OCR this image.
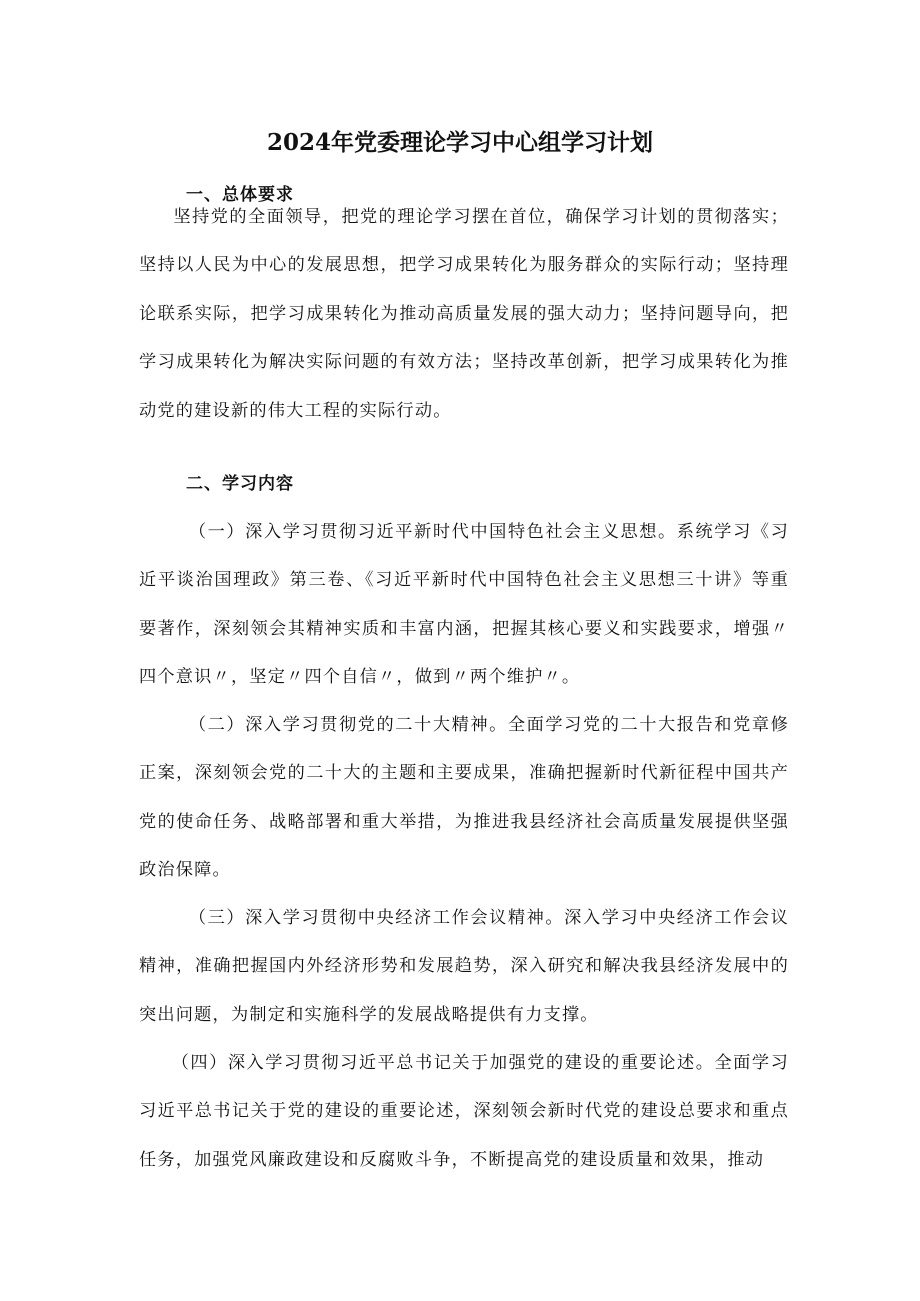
2024年党委理论学习中心组学习计划
一、总体要求

坚持党的全面领导，把党的理论学习摆在首位，确保学习计划的贯彻落实；坚持以人民为中心的发展思想，把学习成果转化为服务群众的实际行动；坚持理论联系实际，把学习成果转化为推动高质量发展的强大动力；坚持问题导向，把学习成果转化为解决实际问题的有效方法；坚持改革创新，把学习成果转化为推动党的建设新的伟大工程的实际行动。

二、学习内容

（一）深入学习贯彻习近平新时代中国特色社会主义思想。系统学习《习近平谈治国理政》第三卷、《习近平新时代中国特色社会主义思想三十讲》等重要著作，深刻领会其精神实质和丰富内涵，把握其核心要义和实践要求，增强〃四个意识〃，坚定〃四个自信〃，做到〃两个维护〃。

（二）深入学习贯彻党的二十大精神。全面学习党的二十大报告和党章修正案，深刻领会党的二十大的主题和主要成果，准确把握新时代新征程中国共产党的使命任务、战略部署和重大举措，为推进我县经济社会高质量发展提供坚强政治保障。

（三）深入学习贯彻中央经济工作会议精神。深入学习中央经济工作会议精神，准确把握国内外经济形势和发展趋势，深入研究和解决我县经济发展中的突出问题，为制定和实施科学的发展战略提供有力支撑。

（四）深入学习贯彻习近平总书记关于加强党的建设的重要论述。全面学习习近平总书记关于党的建设的重要论述，深刻领会新时代党的建设总要求和重点任务，加强党风廉政建设和反腐败斗争，不断提高党的建设质量和效果，推动
